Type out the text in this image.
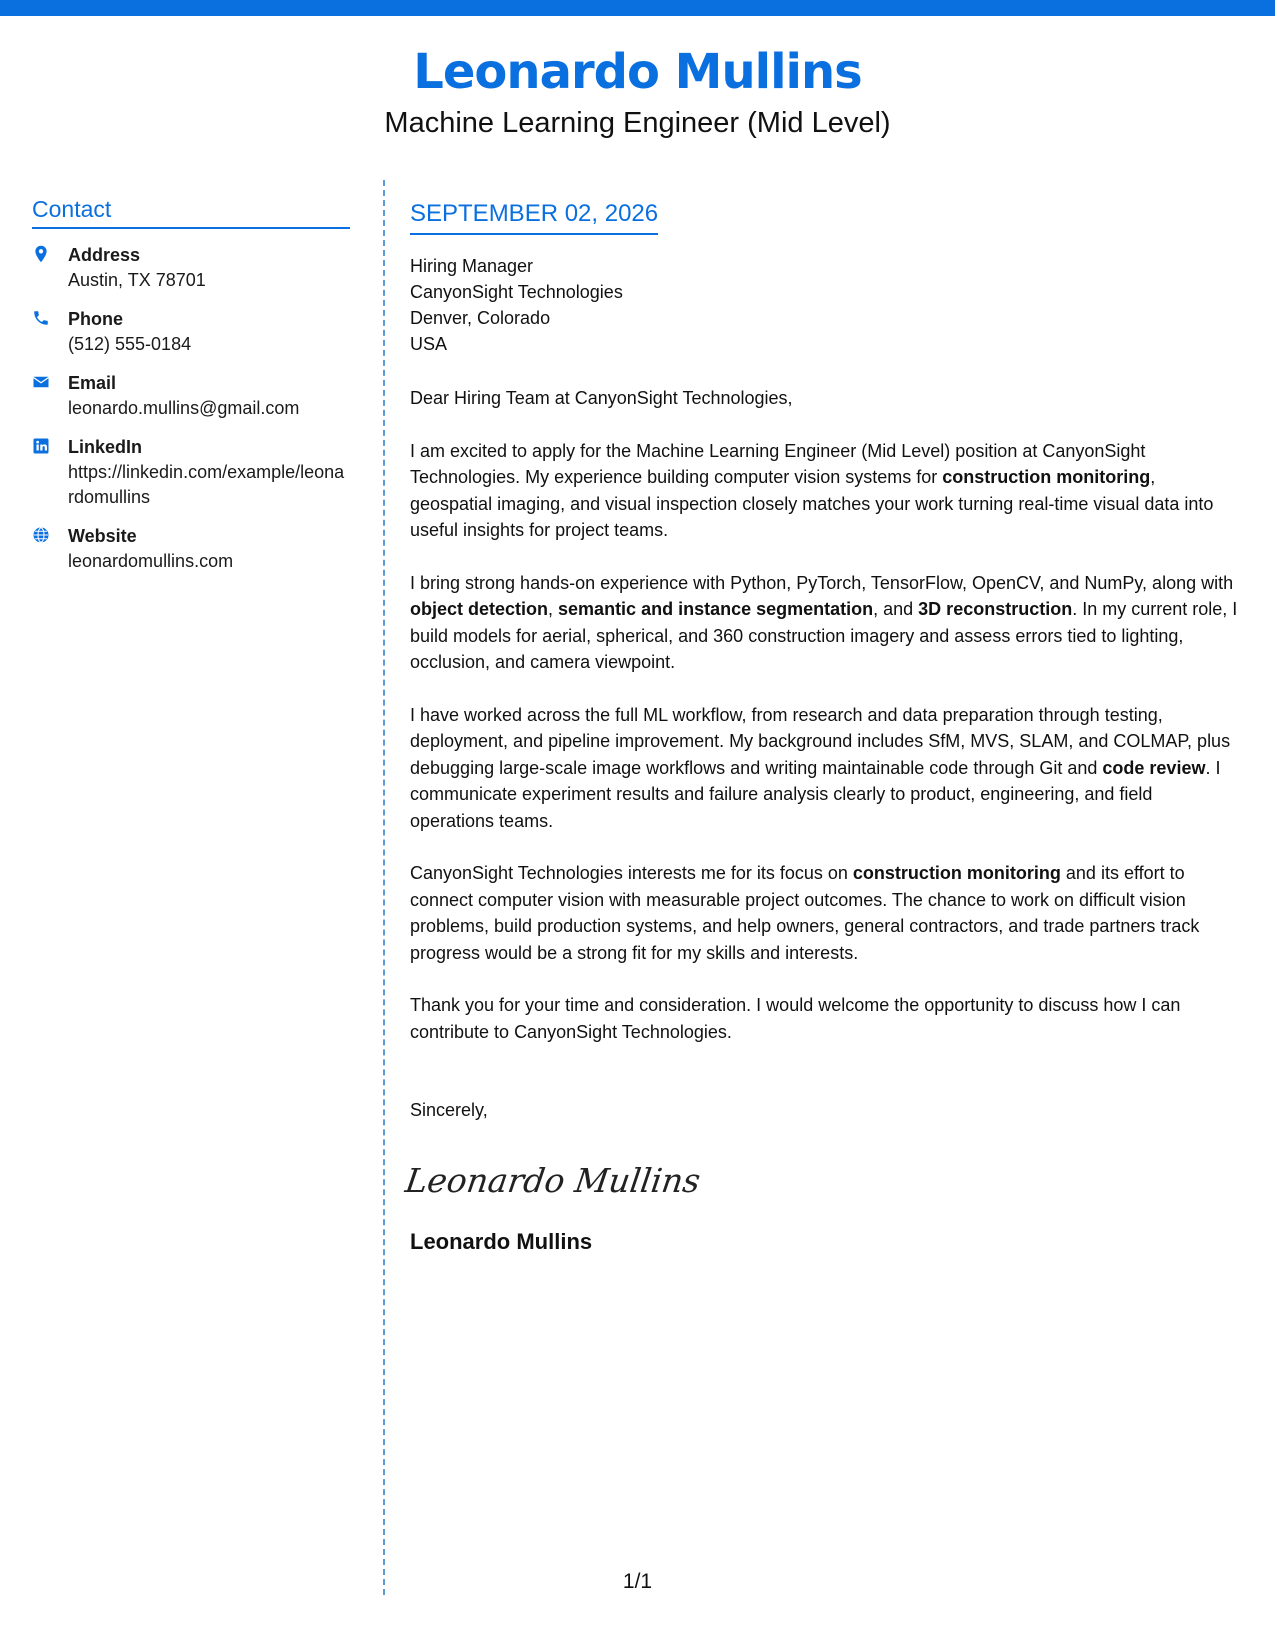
Leonardo Mullins
Machine Learning Engineer (Mid Level)
Contact
Address
Austin, TX 78701
Phone
(512) 555-0184
Email
leonardo.mullins@gmail.com
LinkedIn
https://linkedin.com/example/leonardomullins
Website
leonardomullins.com
SEPTEMBER 02, 2026
Hiring Manager
CanyonSight Technologies
Denver, Colorado
USA
Dear Hiring Team at CanyonSight Technologies,
I am excited to apply for the Machine Learning Engineer (Mid Level) position at CanyonSight Technologies. My experience building computer vision systems for construction monitoring, geospatial imaging, and visual inspection closely matches your work turning real-time visual data into useful insights for project teams.
I bring strong hands-on experience with Python, PyTorch, TensorFlow, OpenCV, and NumPy, along with object detection, semantic and instance segmentation, and 3D reconstruction. In my current role, I build models for aerial, spherical, and 360 construction imagery and assess errors tied to lighting, occlusion, and camera viewpoint.
I have worked across the full ML workflow, from research and data preparation through testing, deployment, and pipeline improvement. My background includes SfM, MVS, SLAM, and COLMAP, plus debugging large-scale image workflows and writing maintainable code through Git and code review. I communicate experiment results and failure analysis clearly to product, engineering, and field operations teams.
CanyonSight Technologies interests me for its focus on construction monitoring and its effort to connect computer vision with measurable project outcomes. The chance to work on difficult vision problems, build production systems, and help owners, general contractors, and trade partners track progress would be a strong fit for my skills and interests.
Thank you for your time and consideration. I would welcome the opportunity to discuss how I can contribute to CanyonSight Technologies.
Sincerely,
Leonardo Mullins
Leonardo Mullins
1/1
